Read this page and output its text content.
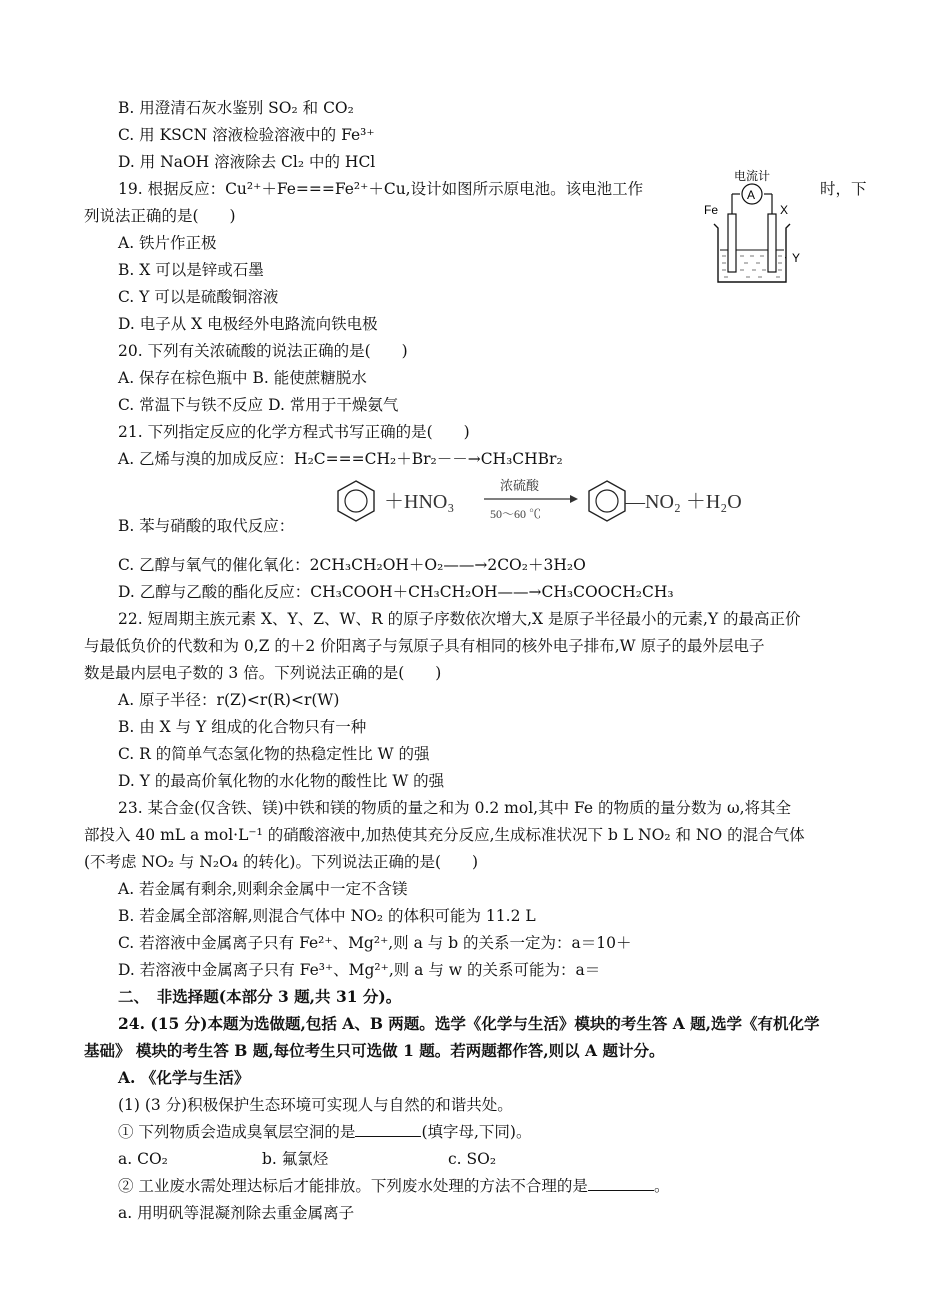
B. 用澄清石灰水鉴别 SO₂ 和 CO₂
C. 用 KSCN 溶液检验溶液中的 Fe³⁺
D. 用 NaOH 溶液除去 Cl₂ 中的 HCl
19. 根据反应：Cu²⁺＋Fe===Fe²⁺＋Cu,设计如图所示原电池。该电池工作	时，下
列说法正确的是(　　)
A. 铁片作正极
B. X 可以是锌或石墨
C. Y 可以是硫酸铜溶液
D. 电子从 X 电极经外电路流向铁电极
电流计
A
Fe	X
Y
20. 下列有关浓硫酸的说法正确的是(　　)
A. 保存在棕色瓶中 B. 能使蔗糖脱水
C. 常温下与铁不反应 D. 常用于干燥氨气
21. 下列指定反应的化学方程式书写正确的是(　　)
A. 乙烯与溴的加成反应：H₂C===CH₂＋Br₂－－→CH₃CHBr₂
＋HNO₃
浓硫酸
50～60 ℃
—NO₂ ＋H₂O
B. 苯与硝酸的取代反应：
C. 乙醇与氧气的催化氧化：2CH₃CH₂OH＋O₂——→2CO₂＋3H₂O
D. 乙醇与乙酸的酯化反应：CH₃COOH＋CH₃CH₂OH——→CH₃COOCH₂CH₃
22. 短周期主族元素 X、Y、Z、W、R 的原子序数依次增大,X 是原子半径最小的元素,Y 的最高正价
与最低负价的代数和为 0,Z 的＋2 价阳离子与氖原子具有相同的核外电子排布,W 原子的最外层电子
数是最内层电子数的 3 倍。下列说法正确的是(　　)
A. 原子半径：r(Z)<r(R)<r(W)
B. 由 X 与 Y 组成的化合物只有一种
C. R 的简单气态氢化物的热稳定性比 W 的强
D. Y 的最高价氧化物的水化物的酸性比 W 的强
23. 某合金(仅含铁、镁)中铁和镁的物质的量之和为 0.2 mol,其中 Fe 的物质的量分数为 ω,将其全
部投入 40 mL a mol·L⁻¹ 的硝酸溶液中,加热使其充分反应,生成标准状况下 b L NO₂ 和 NO 的混合气体
(不考虑 NO₂ 与 N₂O₄ 的转化)。下列说法正确的是(　　)
A. 若金属有剩余,则剩余金属中一定不含镁
B. 若金属全部溶解,则混合气体中 NO₂ 的体积可能为 11.2 L
C. 若溶液中金属离子只有 Fe²⁺、Mg²⁺,则 a 与 b 的关系一定为：a＝10＋
D. 若溶液中金属离子只有 Fe³⁺、Mg²⁺,则 a 与 w 的关系可能为：a＝
二、　非选择题(本部分 3 题,共 31 分)。
24. (15 分)本题为选做题,包括 A、B 两题。选学《化学与生活》模块的考生答 A 题,选学《有机化学
基础》 模块的考生答 B 题,每位考生只可选做 1 题。若两题都作答,则以 A 题计分。
A. 《化学与生活》
(1) (3 分)积极保护生态环境可实现人与自然的和谐共处。
① 下列物质会造成臭氧层空洞的是	(填字母,下同)。
a. CO₂	b. 氟氯烃	c. SO₂
② 工业废水需处理达标后才能排放。下列废水处理的方法不合理的是	。
a. 用明矾等混凝剂除去重金属离子
